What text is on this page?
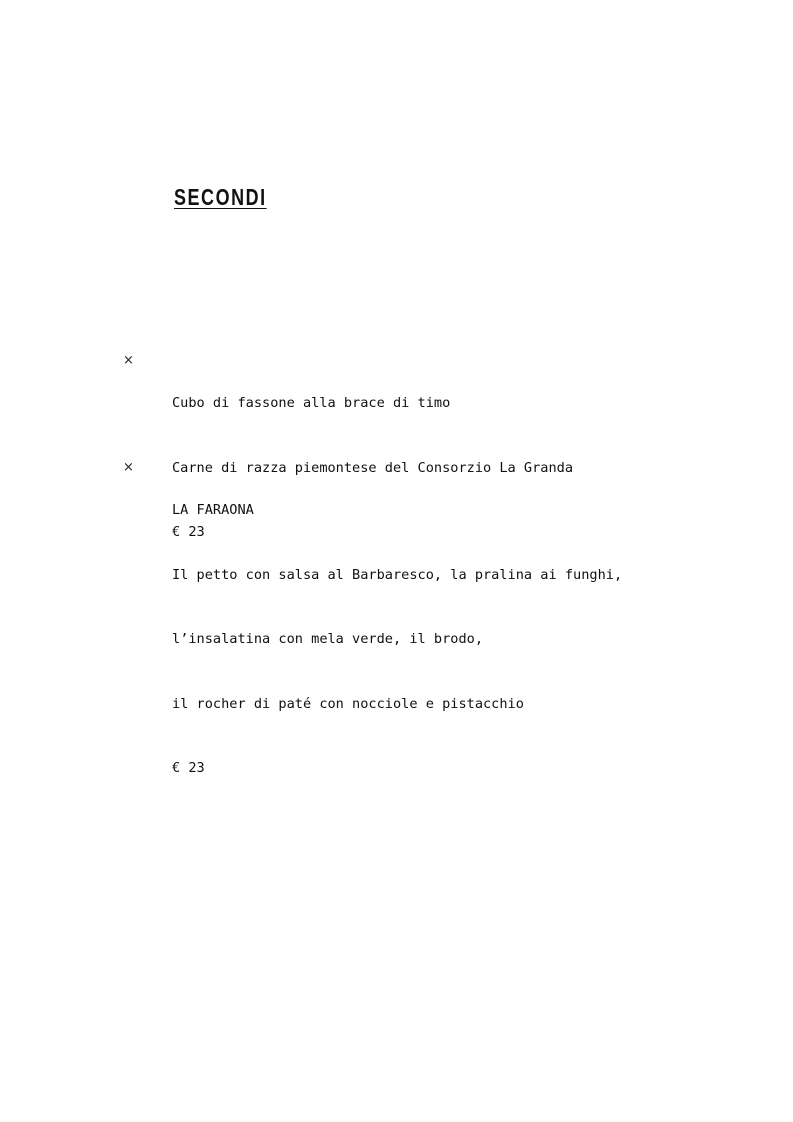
SECONDI
×

Cubo di fassone alla brace di timo

Carne di razza piemontese del Consorzio La Granda

€ 23

×

LA FARAONA

Il petto con salsa al Barbaresco, la pralina ai funghi,

l’insalatina con mela verde, il brodo,

il rocher di paté con nocciole e pistacchio

€ 23
